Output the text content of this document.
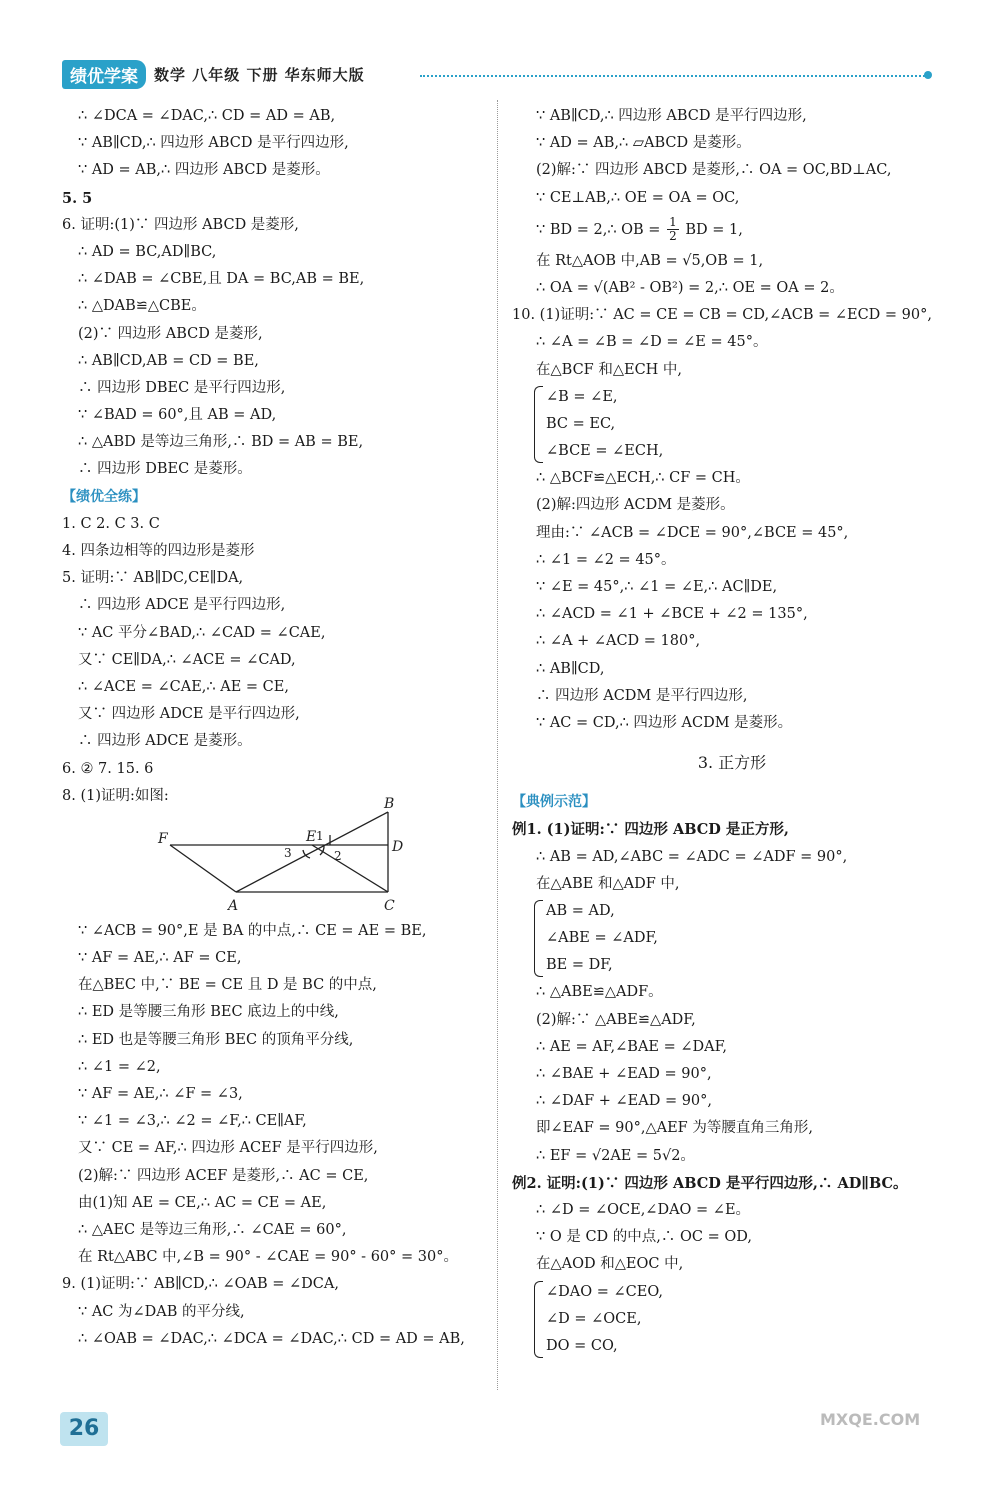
绩优学案	数学 八年级 下册 华东师大版
∴ ∠DCA = ∠DAC,∴ CD = AD = AB,
∵ AB∥CD,∴ 四边形 ABCD 是平行四边形,
∵ AD = AB,∴ 四边形 ABCD 是菱形。
5. 5
6. 证明:(1)∵ 四边形 ABCD 是菱形,
∴ AD = BC,AD∥BC,
∴ ∠DAB = ∠CBE,且 DA = BC,AB = BE,
∴ △DAB≌△CBE。
(2)∵ 四边形 ABCD 是菱形,
∴ AB∥CD,AB = CD = BE,
∴ 四边形 DBEC 是平行四边形,
∵ ∠BAD = 60°,且 AB = AD,
∴ △ABD 是等边三角形,∴ BD = AB = BE,
∴ 四边形 DBEC 是菱形。
【绩优全练】
1. C 2. C 3. C
4. 四条边相等的四边形是菱形
5. 证明:∵ AB∥DC,CE∥DA,
∴ 四边形 ADCE 是平行四边形,
∵ AC 平分∠BAD,∴ ∠CAD = ∠CAE,
又∵ CE∥DA,∴ ∠ACE = ∠CAD,
∴ ∠ACE = ∠CAE,∴ AE = CE,
又∵ 四边形 ADCE 是平行四边形,
∴ 四边形 ADCE 是菱形。
6. ② 7. 15. 6
8. (1)证明:如图:
B
F	E
D
A	C
1
2
3
∵ ∠ACB = 90°,E 是 BA 的中点,∴ CE = AE = BE,
∵ AF = AE,∴ AF = CE,
在△BEC 中,∵ BE = CE 且 D 是 BC 的中点,
∴ ED 是等腰三角形 BEC 底边上的中线,
∴ ED 也是等腰三角形 BEC 的顶角平分线,
∴ ∠1 = ∠2,
∵ AF = AE,∴ ∠F = ∠3,
∵ ∠1 = ∠3,∴ ∠2 = ∠F,∴ CE∥AF,
又∵ CE = AF,∴ 四边形 ACEF 是平行四边形,
(2)解:∵ 四边形 ACEF 是菱形,∴ AC = CE,
由(1)知 AE = CE,∴ AC = CE = AE,
∴ △AEC 是等边三角形,∴ ∠CAE = 60°,
在 Rt△ABC 中,∠B = 90° - ∠CAE = 90° - 60° = 30°。
9. (1)证明:∵ AB∥CD,∴ ∠OAB = ∠DCA,
∵ AC 为∠DAB 的平分线,
∴ ∠OAB = ∠DAC,∴ ∠DCA = ∠DAC,∴ CD = AD = AB,
∵ AB∥CD,∴ 四边形 ABCD 是平行四边形,
∵ AD = AB,∴ ▱ABCD 是菱形。
(2)解:∵ 四边形 ABCD 是菱形,∴ OA = OC,BD⊥AC,
∵ CE⊥AB,∴ OE = OA = OC,
∵ BD = 2,∴ OB = $\frac{1}{2}$ BD = 1,
在 Rt△AOB 中,AB = √5,OB = 1,
∴ OA = √(AB² - OB²) = 2,∴ OE = OA = 2。
10. (1)证明:∵ AC = CE = CB = CD,∠ACB = ∠ECD = 90°,
∴ ∠A = ∠B = ∠D = ∠E = 45°。
在△BCF 和△ECH 中,
∠B = ∠E,
BC = EC,
∠BCE = ∠ECH,
∴ △BCF≌△ECH,∴ CF = CH。
(2)解:四边形 ACDM 是菱形。
理由:∵ ∠ACB = ∠DCE = 90°,∠BCE = 45°,
∴ ∠1 = ∠2 = 45°。
∵ ∠E = 45°,∴ ∠1 = ∠E,∴ AC∥DE,
∴ ∠ACD = ∠1 + ∠BCE + ∠2 = 135°,
∴ ∠A + ∠ACD = 180°,
∴ AB∥CD,
∴ 四边形 ACDM 是平行四边形,
∵ AC = CD,∴ 四边形 ACDM 是菱形。
3. 正方形
【典例示范】
例1. (1)证明:∵ 四边形 ABCD 是正方形,
∴ AB = AD,∠ABC = ∠ADC = ∠ADF = 90°,
在△ABE 和△ADF 中,
AB = AD,
∠ABE = ∠ADF,
BE = DF,
∴ △ABE≌△ADF。
(2)解:∵ △ABE≌△ADF,
∴ AE = AF,∠BAE = ∠DAF,
∴ ∠BAE + ∠EAD = 90°,
∴ ∠DAF + ∠EAD = 90°,
即∠EAF = 90°,△AEF 为等腰直角三角形,
∴ EF = √2AE = 5√2。
例2. 证明:(1)∵ 四边形 ABCD 是平行四边形,∴ AD∥BC。
∴ ∠D = ∠OCE,∠DAO = ∠E。
∵ O 是 CD 的中点,∴ OC = OD,
在△AOD 和△EOC 中,
∠DAO = ∠CEO,
∠D = ∠OCE,
DO = CO,
26	MXQE.COM
